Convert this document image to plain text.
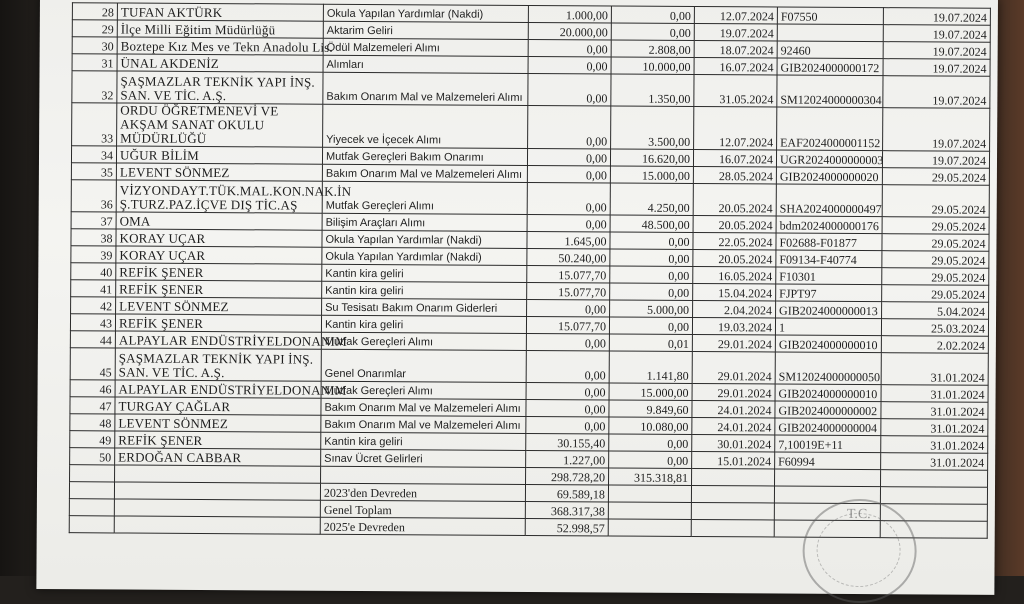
28	TUFAN AKTÜRK	Okula Yapılan Yardımlar (Nakdi)	1.000,00	0,00	12.07.2024	F07550	19.07.2024
29	İlçe Milli Eğitim Müdürlüğü	Aktarim Geliri	20.000,00	0,00	19.07.2024		19.07.2024
30	Boztepe Kız Mes ve Tekn Anadolu Lis.	Ödül Malzemeleri Alımı	0,00	2.808,00	18.07.2024	92460	19.07.2024
31	ÜNAL AKDENİZ	Alımları	0,00	10.000,00	16.07.2024	GIB2024000000172	19.07.2024
32	ŞAŞMAZLAR TEKNİK YAPI İNŞ. SAN. VE TİC. A.Ş.	Bakım Onarım Mal ve Malzemeleri Alımı	0,00	1.350,00	31.05.2024	SM12024000000304	19.07.2024
33	ORDU ÖĞRETMENEVİ VE AKŞAM SANAT OKULU MÜDÜRLÜĞÜ	Yiyecek ve İçecek Alımı	0,00	3.500,00	12.07.2024	EAF2024000001152	19.07.2024
34	UĞUR BİLİM	Mutfak Gereçleri Bakım Onarımı	0,00	16.620,00	16.07.2024	UGR2024000000003	19.07.2024
35	LEVENT SÖNMEZ	Bakım Onarım Mal ve Malzemeleri Alımı	0,00	15.000,00	28.05.2024	GIB2024000000020	29.05.2024
36	VİZYONDAYT.TÜK.MAL.KON.NAK.İN Ş.TURZ.PAZ.İÇVE DIŞ TİC.AŞ	Mutfak Gereçleri Alımı	0,00	4.250,00	20.05.2024	SHA2024000000497	29.05.2024
37	OMA	Bilişim Araçları Alımı	0,00	48.500,00	20.05.2024	bdm2024000000176	29.05.2024
38	KORAY UÇAR	Okula Yapılan Yardımlar (Nakdi)	1.645,00	0,00	22.05.2024	F02688-F01877	29.05.2024
39	KORAY UÇAR	Okula Yapılan Yardımlar (Nakdi)	50.240,00	0,00	20.05.2024	F09134-F40774	29.05.2024
40	REFİK ŞENER	Kantin kira geliri	15.077,70	0,00	16.05.2024	F10301	29.05.2024
41	REFİK ŞENER	Kantin kira geliri	15.077,70	0,00	15.04.2024	FJPT97	29.05.2024
42	LEVENT SÖNMEZ	Su Tesisatı Bakım Onarım Giderleri	0,00	5.000,00	2.04.2024	GIB2024000000013	5.04.2024
43	REFİK ŞENER	Kantin kira geliri	15.077,70	0,00	19.03.2024	1	25.03.2024
44	ALPAYLAR ENDÜSTRİYELDONANIM	Mutfak Gereçleri Alımı	0,00	0,01	29.01.2024	GIB2024000000010	2.02.2024
45	ŞAŞMAZLAR TEKNİK YAPI İNŞ. SAN. VE TİC. A.Ş.	Genel Onarımlar	0,00	1.141,80	29.01.2024	SM12024000000050	31.01.2024
46	ALPAYLAR ENDÜSTRİYELDONANIM	Mutfak Gereçleri Alımı	0,00	15.000,00	29.01.2024	GIB2024000000010	31.01.2024
47	TURGAY ÇAĞLAR	Bakım Onarım Mal ve Malzemeleri Alımı	0,00	9.849,60	24.01.2024	GIB2024000000002	31.01.2024
48	LEVENT SÖNMEZ	Bakım Onarım Mal ve Malzemeleri Alımı	0,00	10.080,00	24.01.2024	GIB2024000000004	31.01.2024
49	REFİK ŞENER	Kantin kira geliri	30.155,40	0,00	30.01.2024	7,10019E+11	31.01.2024
50	ERDOĞAN CABBAR	Sınav Ücret Gelirleri	1.227,00	0,00	15.01.2024	F60994	31.01.2024
			298.728,20	315.318,81			
		2023'den Devreden	69.589,18				
		Genel Toplam	368.317,38				
		2025'e Devreden	52.998,57				
T.C.
